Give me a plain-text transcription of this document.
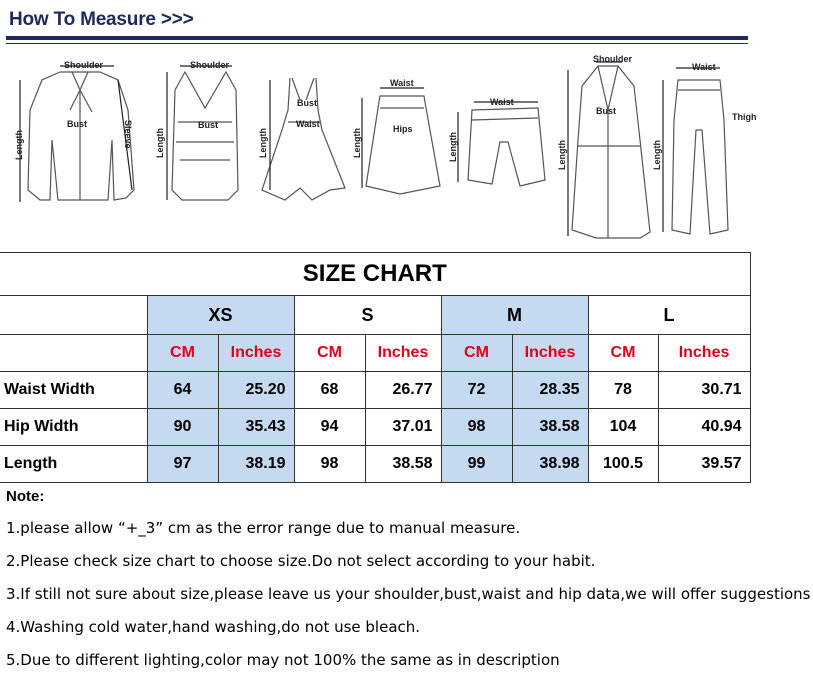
How To Measure >>>
Shoulder
Bust
Length	Sleeve
Shoulder
Bust
Length
Bust
Waist
Length
Waist
Hips
Length
Waist
Length
Shoulder
Bust
Length
Waist
Thigh
Length
SIZE CHART								
	XS		S		M		L	
	CM	Inches	CM	Inches	CM	Inches	CM	Inches
Waist Width	64	25.20	68	26.77	72	28.35	78	30.71
Hip Width	90	35.43	94	37.01	98	38.58	104	40.94
Length	97	38.19	98	38.58	99	38.98	100.5	39.57
Note:
1.please allow “+_3” cm as the error range due to manual measure.
2.Please check size chart to choose size.Do not select according to your habit.
3.If still not sure about size,please leave us your shoulder,bust,waist and hip data,we will offer suggestions
4.Washing cold water,hand washing,do not use bleach.
5.Due to different lighting,color may not 100% the same as in description
